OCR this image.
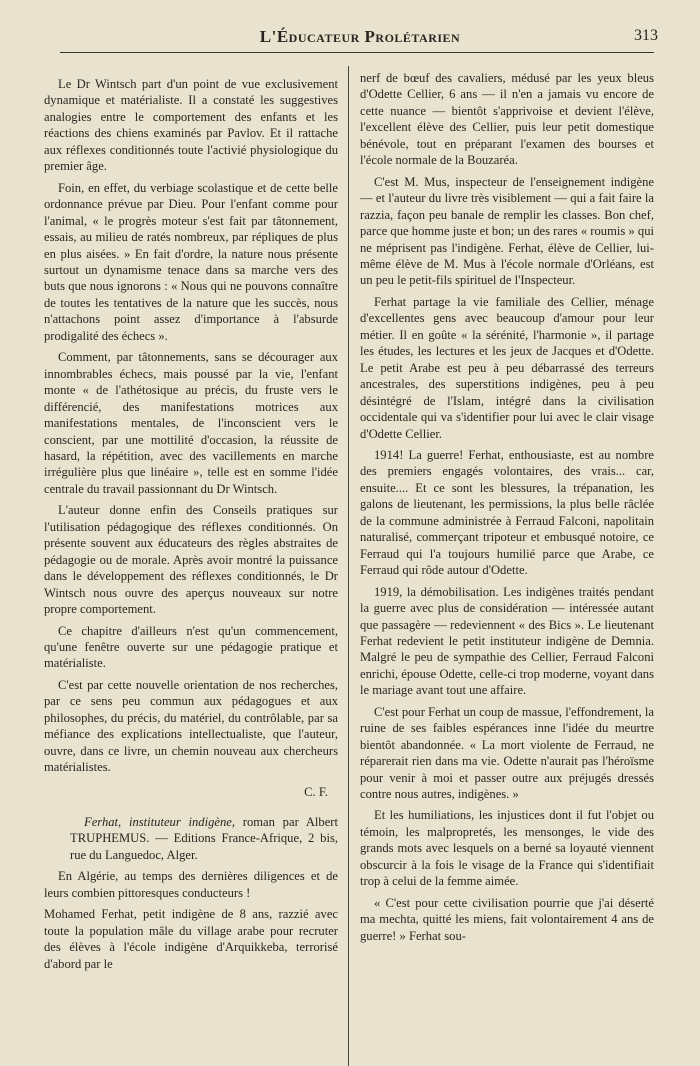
L'Éducateur Prolétarien	313

Le Dr Wintsch part d'un point de vue exclusivement dynamique et matérialiste. Il a constaté les suggestives analogies entre le comportement des enfants et les réactions des chiens examinés par Pavlov. Et il rattache aux réflexes conditionnés toute l'activié physiologique du premier âge.

Foin, en effet, du verbiage scolastique et de cette belle ordonnance prévue par Dieu. Pour l'enfant comme pour l'animal, « le progrès moteur s'est fait par tâtonnement, essais, au milieu de ratés nombreux, par répliques de plus en plus aisées. » En fait d'ordre, la nature nous présente surtout un dynamisme tenace dans sa marche vers des buts que nous ignorons : « Nous qui ne pouvons connaître de toutes les tentatives de la nature que les succès, nous n'attachons point assez d'importance à l'absurde prodigalité des échecs ».

Comment, par tâtonnements, sans se décourager aux innombrables échecs, mais poussé par la vie, l'enfant monte « de l'athétosique au précis, du fruste vers le différencié, des manifestations motrices aux manifestations mentales, de l'inconscient vers le conscient, par une mottilité d'occasion, la réussite de hasard, la répétition, avec des vacillements en marche irrégulière plus que linéaire », telle est en somme l'idée centrale du travail passionnant du Dr Wintsch.

L'auteur donne enfin des Conseils pratiques sur l'utilisation pédagogique des réflexes conditionnés. On présente souvent aux éducateurs des règles abstraites de pédagogie ou de morale. Après avoir montré la puissance dans le développement des réflexes conditionnés, le Dr Wintsch nous ouvre des aperçus nouveaux sur notre propre comportement.

Ce chapitre d'ailleurs n'est qu'un commencement, qu'une fenêtre ouverte sur une pédagogie pratique et matérialiste.

C'est par cette nouvelle orientation de nos recherches, par ce sens peu commun aux pédagogues et aux philosophes, du précis, du matériel, du contrôlable, par sa méfiance des explications intellectualiste, que l'auteur, ouvre, dans ce livre, un chemin nouveau aux chercheurs matérialistes.

C. F.

Ferhat, instituteur indigène, roman par Albert TRUPHEMUS. — Editions France-Afrique, 2 bis, rue du Languedoc, Alger.

En Algérie, au temps des dernières diligences et de leurs combien pittoresques conducteurs !

Mohamed Ferhat, petit indigène de 8 ans, razzié avec toute la population mâle du village arabe pour recruter des élèves à l'école indigène d'Arquikkeba, terrorisé d'abord par le

nerf de bœuf des cavaliers, médusé par les yeux bleus d'Odette Cellier, 6 ans — il n'en a jamais vu encore de cette nuance — bientôt s'apprivoise et devient l'élève, l'excellent élève des Cellier, puis leur petit domestique bénévole, tout en préparant l'examen des bourses et l'école normale de la Bouzaréa.

C'est M. Mus, inspecteur de l'enseignement indigène — et l'auteur du livre très visiblement — qui a fait faire la razzia, façon peu banale de remplir les classes. Bon chef, parce que homme juste et bon; un des rares « roumis » qui ne méprisent pas l'indigène. Ferhat, élève de Cellier, lui-même élève de M. Mus à l'école normale d'Orléans, est un peu le petit-fils spirituel de l'Inspecteur.

Ferhat partage la vie familiale des Cellier, ménage d'excellentes gens avec beaucoup d'amour pour leur métier. Il en goûte « la sérénité, l'harmonie », il partage les études, les lectures et les jeux de Jacques et d'Odette. Le petit Arabe est peu à peu débarrassé des terreurs ancestrales, des superstitions indigènes, peu à peu désintégré de l'Islam, intégré dans la civilisation occidentale qui va s'identifier pour lui avec le clair visage d'Odette Cellier.

1914! La guerre! Ferhat, enthousiaste, est au nombre des premiers engagés volontaires, des vrais... car, ensuite.... Et ce sont les blessures, la trépanation, les galons de lieutenant, les permissions, la plus belle râclée de la commune administrée à Ferraud Falconi, napolitain naturalisé, commerçant tripoteur et embusqué notoire, ce Ferraud qui l'a toujours humilié parce que Arabe, ce Ferraud qui rôde autour d'Odette.

1919, la démobilisation. Les indigènes traités pendant la guerre avec plus de considération — intéressée autant que passagère — redeviennent « des Bics ». Le lieutenant Ferhat redevient le petit instituteur indigène de Demnia. Malgré le peu de sympathie des Cellier, Ferraud Falconi enrichi, épouse Odette, celle-ci trop moderne, voyant dans le mariage avant tout une affaire.

C'est pour Ferhat un coup de massue, l'effondrement, la ruine de ses faibles espérances inne l'idée du meurtre bientôt abandonnée. « La mort violente de Ferraud, ne réparerait rien dans ma vie. Odette n'aurait pas l'héroïsme pour venir à moi et passer outre aux préjugés dressés contre nous autres, indigènes. »

Et les humiliations, les injustices dont il fut l'objet ou témoin, les malpropretés, les mensonges, le vide des grands mots avec lesquels on a berné sa loyauté viennent obscurcir à la fois le visage de la France qui s'identifiait trop à celui de la femme aimée.

« C'est pour cette civilisation pourrie que j'ai déserté ma mechta, quitté les miens, fait volontairement 4 ans de guerre! » Ferhat sou-
